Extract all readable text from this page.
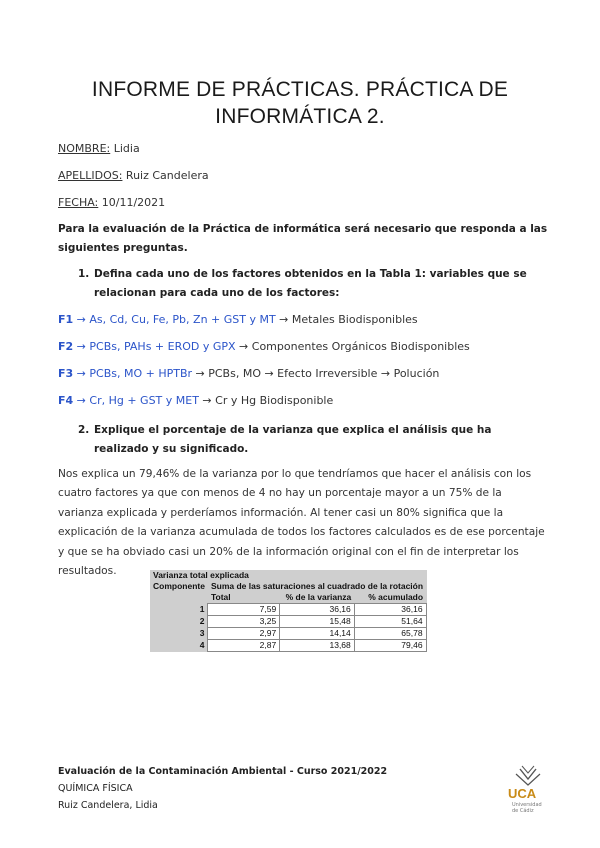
INFORME DE PRÁCTICAS. PRÁCTICA DE
INFORMÁTICA 2.
NOMBRE: Lidia
APELLIDOS: Ruiz Candelera
FECHA: 10/11/2021
Para la evaluación de la Práctica de informática será necesario que responda a las siguientes preguntas.
1. Defina cada uno de los factores obtenidos en la Tabla 1: variables que se relacionan para cada uno de los factores:
F1 → As, Cd, Cu, Fe, Pb, Zn + GST y MT → Metales Biodisponibles
F2 → PCBs, PAHs + EROD y GPX → Componentes Orgánicos Biodisponibles
F3 → PCBs, MO + HPTBr → PCBs, MO → Efecto Irreversible → Polución
F4 → Cr, Hg + GST y MET → Cr y Hg Biodisponible
2. Explique el porcentaje de la varianza que explica el análisis que ha realizado y su significado.
Nos explica un 79,46% de la varianza por lo que tendríamos que hacer el análisis con los cuatro factores ya que con menos de 4 no hay un porcentaje mayor a un 75% de la varianza explicada y perderíamos información. Al tener casi un 80% significa que la explicación de la varianza acumulada de todos los factores calculados es de ese porcentaje y que se ha obviado casi un 20% de la información original con el fin de interpretar los resultados.	Varianza total explicada			
Componente	Suma de las saturaciones al cuadrado de la rotación		
	Total	% de la varianza	% acumulado
1	7,59	36,16	36,16
2	3,25	15,48	51,64
3	2,97	14,14	65,78
4	2,87	13,68	79,46
Evaluación de la Contaminación Ambiental - Curso 2021/2022
QUÍMICA FÍSICA
Ruiz Candelera, Lidia
UCA
Universidad
de Cádiz
